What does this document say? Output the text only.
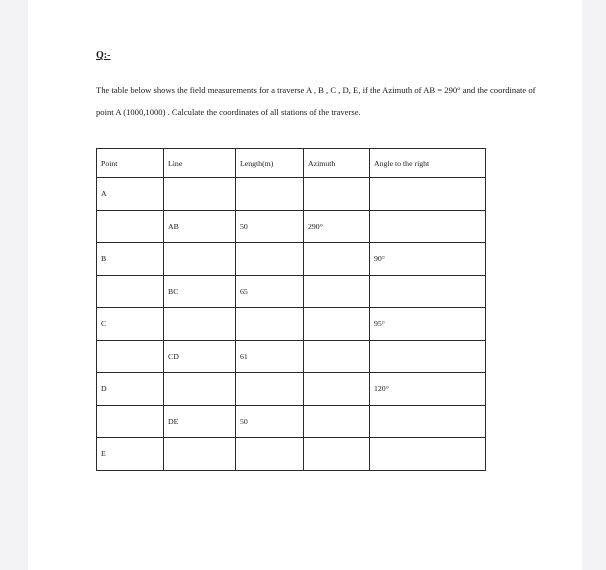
Q:-

The table below shows the field measurements for a traverse A , B , C , D, E, if the Azimuth of AB = 290° and the coordinate of point A (1000,1000) . Calculate the coordinates of all stations of the traverse.

Point	Line	Length(m)	Azimuth	Angle to the right
A				
	AB	50	290°	
B				90°
	BC	65		
C				95°
	CD	61		
D				120°
	DE	50		
E				
